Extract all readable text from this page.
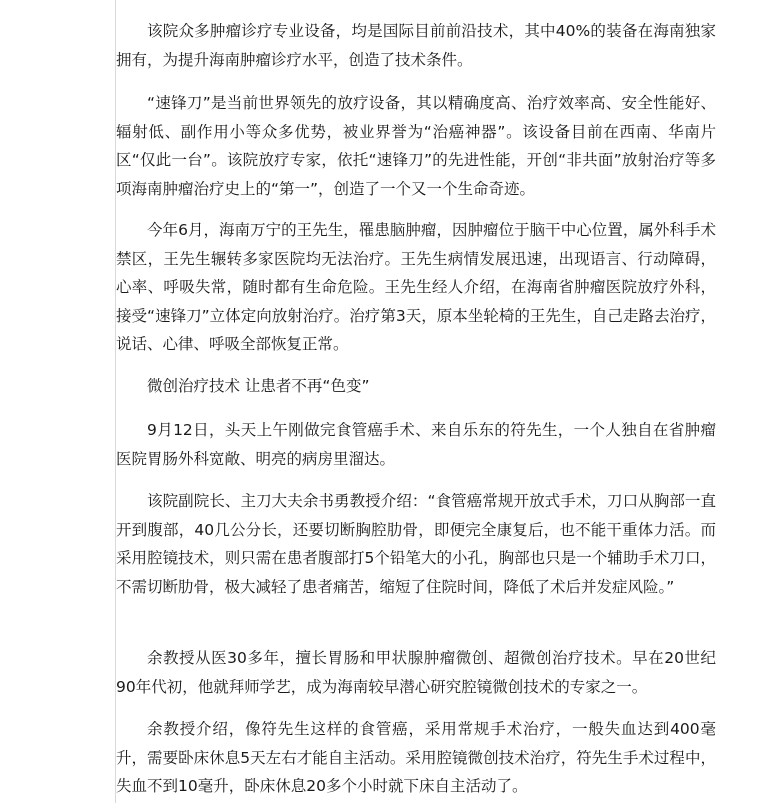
该院众多肿瘤诊疗专业设备，均是国际目前前沿技术，其中40%的装备在海南独家拥有，为提升海南肿瘤诊疗水平，创造了技术条件。

“速锋刀”是当前世界领先的放疗设备，其以精确度高、治疗效率高、安全性能好、辐射低、副作用小等众多优势，被业界誉为“治癌神器”。该设备目前在西南、华南片区“仅此一台”。该院放疗专家，依托“速锋刀”的先进性能，开创“非共面”放射治疗等多项海南肿瘤治疗史上的“第一”，创造了一个又一个生命奇迹。

今年6月，海南万宁的王先生，罹患脑肿瘤，因肿瘤位于脑干中心位置，属外科手术禁区，王先生辗转多家医院均无法治疗。王先生病情发展迅速，出现语言、行动障碍，心率、呼吸失常，随时都有生命危险。王先生经人介绍，在海南省肿瘤医院放疗外科，接受“速锋刀”立体定向放射治疗。治疗第3天，原本坐轮椅的王先生，自己走路去治疗，说话、心律、呼吸全部恢复正常。

微创治疗技术 让患者不再“色变”

9月12日，头天上午刚做完食管癌手术、来自乐东的符先生，一个人独自在省肿瘤医院胃肠外科宽敞、明亮的病房里溜达。

该院副院长、主刀大夫余书勇教授介绍：“食管癌常规开放式手术，刀口从胸部一直开到腹部，40几公分长，还要切断胸腔肋骨，即便完全康复后，也不能干重体力活。而采用腔镜技术，则只需在患者腹部打5个铅笔大的小孔，胸部也只是一个辅助手术刀口，不需切断肋骨，极大减轻了患者痛苦，缩短了住院时间，降低了术后并发症风险。”

余教授从医30多年，擅长胃肠和甲状腺肿瘤微创、超微创治疗技术。早在20世纪90年代初，他就拜师学艺，成为海南较早潜心研究腔镜微创技术的专家之一。

余教授介绍，像符先生这样的食管癌，采用常规手术治疗，一般失血达到400毫升，需要卧床休息5天左右才能自主活动。采用腔镜微创技术治疗，符先生手术过程中，失血不到10毫升，卧床休息20多个小时就下床自主活动了。
